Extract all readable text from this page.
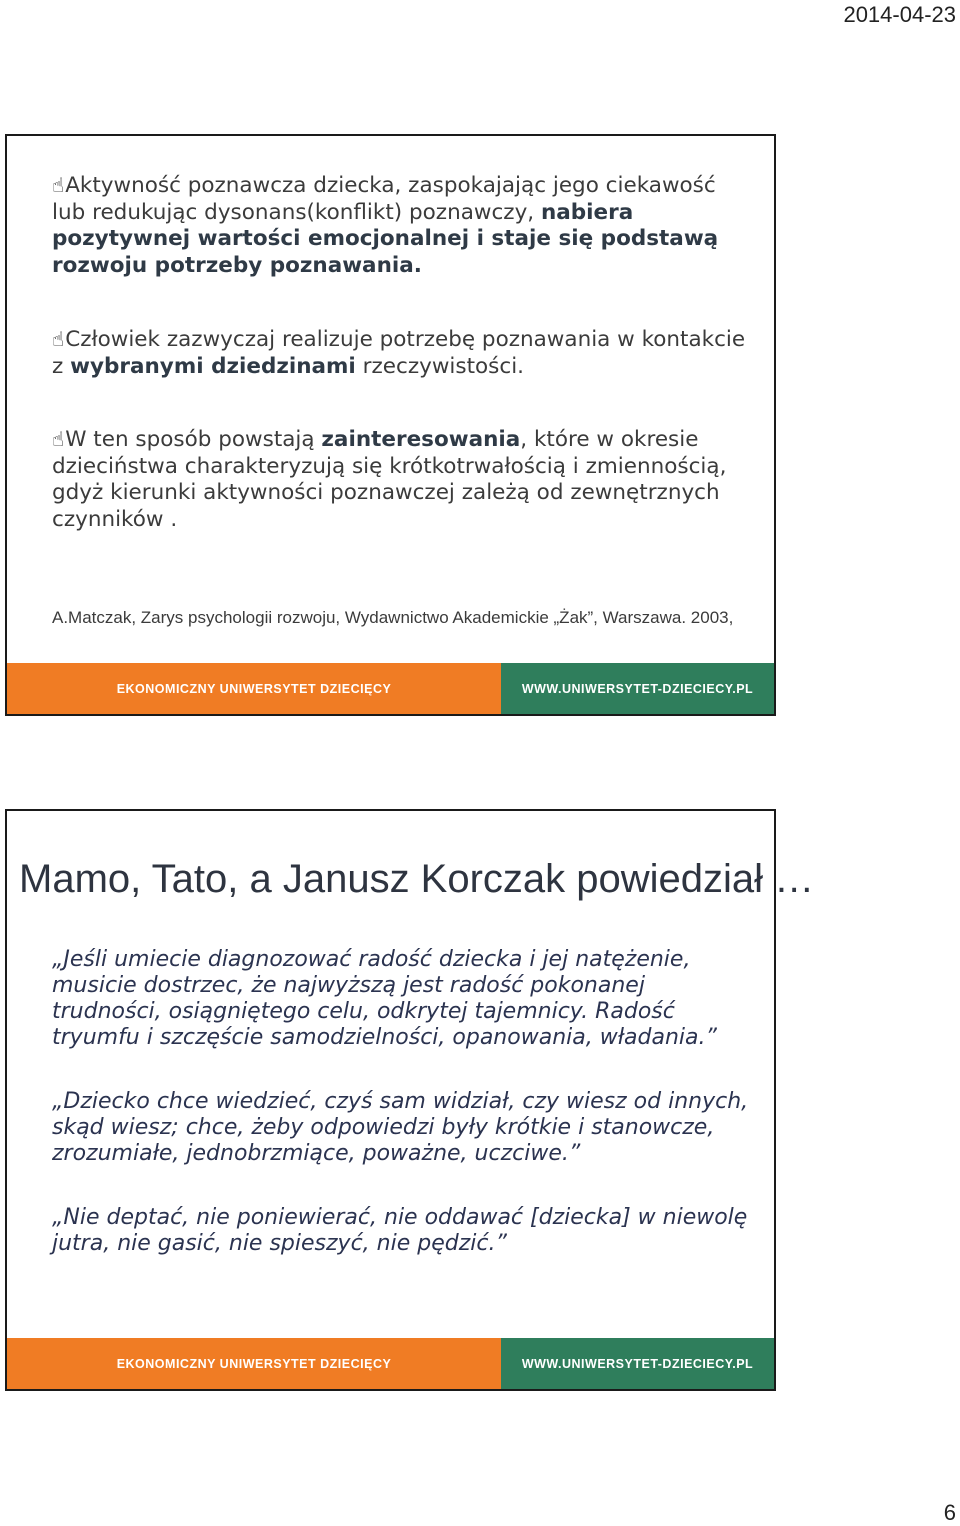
2014-04-23

☝Aktywność poznawcza dziecka, zaspokajając jego ciekawość lub redukując dysonans(konflikt) poznawczy, nabiera pozytywnej wartości emocjonalnej i staje się podstawą rozwoju potrzeby poznawania.

☝Człowiek zazwyczaj realizuje potrzebę poznawania w kontakcie z wybranymi dziedzinami rzeczywistości.

☝W ten sposób powstają zainteresowania, które w okresie dzieciństwa charakteryzują się krótkotrwałością i zmiennością, gdyż kierunki aktywności poznawczej zależą od zewnętrznych czynników .

A.Matczak, Zarys psychologii rozwoju, Wydawnictwo Akademickie „Żak”, Warszawa. 2003,

EKONOMICZNY UNIWERSYTET DZIECIĘCY	WWW.UNIWERSYTET-DZIECIECY.PL
Mamo, Tato, a Janusz Korczak powiedział …

„Jeśli umiecie diagnozować radość dziecka i jej natężenie, musicie dostrzec, że najwyższą jest radość pokonanej trudności, osiągniętego celu, odkrytej tajemnicy. Radość tryumfu i szczęście samodzielności, opanowania, władania.”

„Dziecko chce wiedzieć, czyś sam widział, czy wiesz od innych, skąd wiesz; chce, żeby odpowiedzi były krótkie i stanowcze, zrozumiałe, jednobrzmiące, poważne, uczciwe.”

„Nie deptać, nie poniewierać, nie oddawać [dziecka] w niewolę jutra, nie gasić, nie spieszyć, nie pędzić.”

EKONOMICZNY UNIWERSYTET DZIECIĘCY	WWW.UNIWERSYTET-DZIECIECY.PL
6
